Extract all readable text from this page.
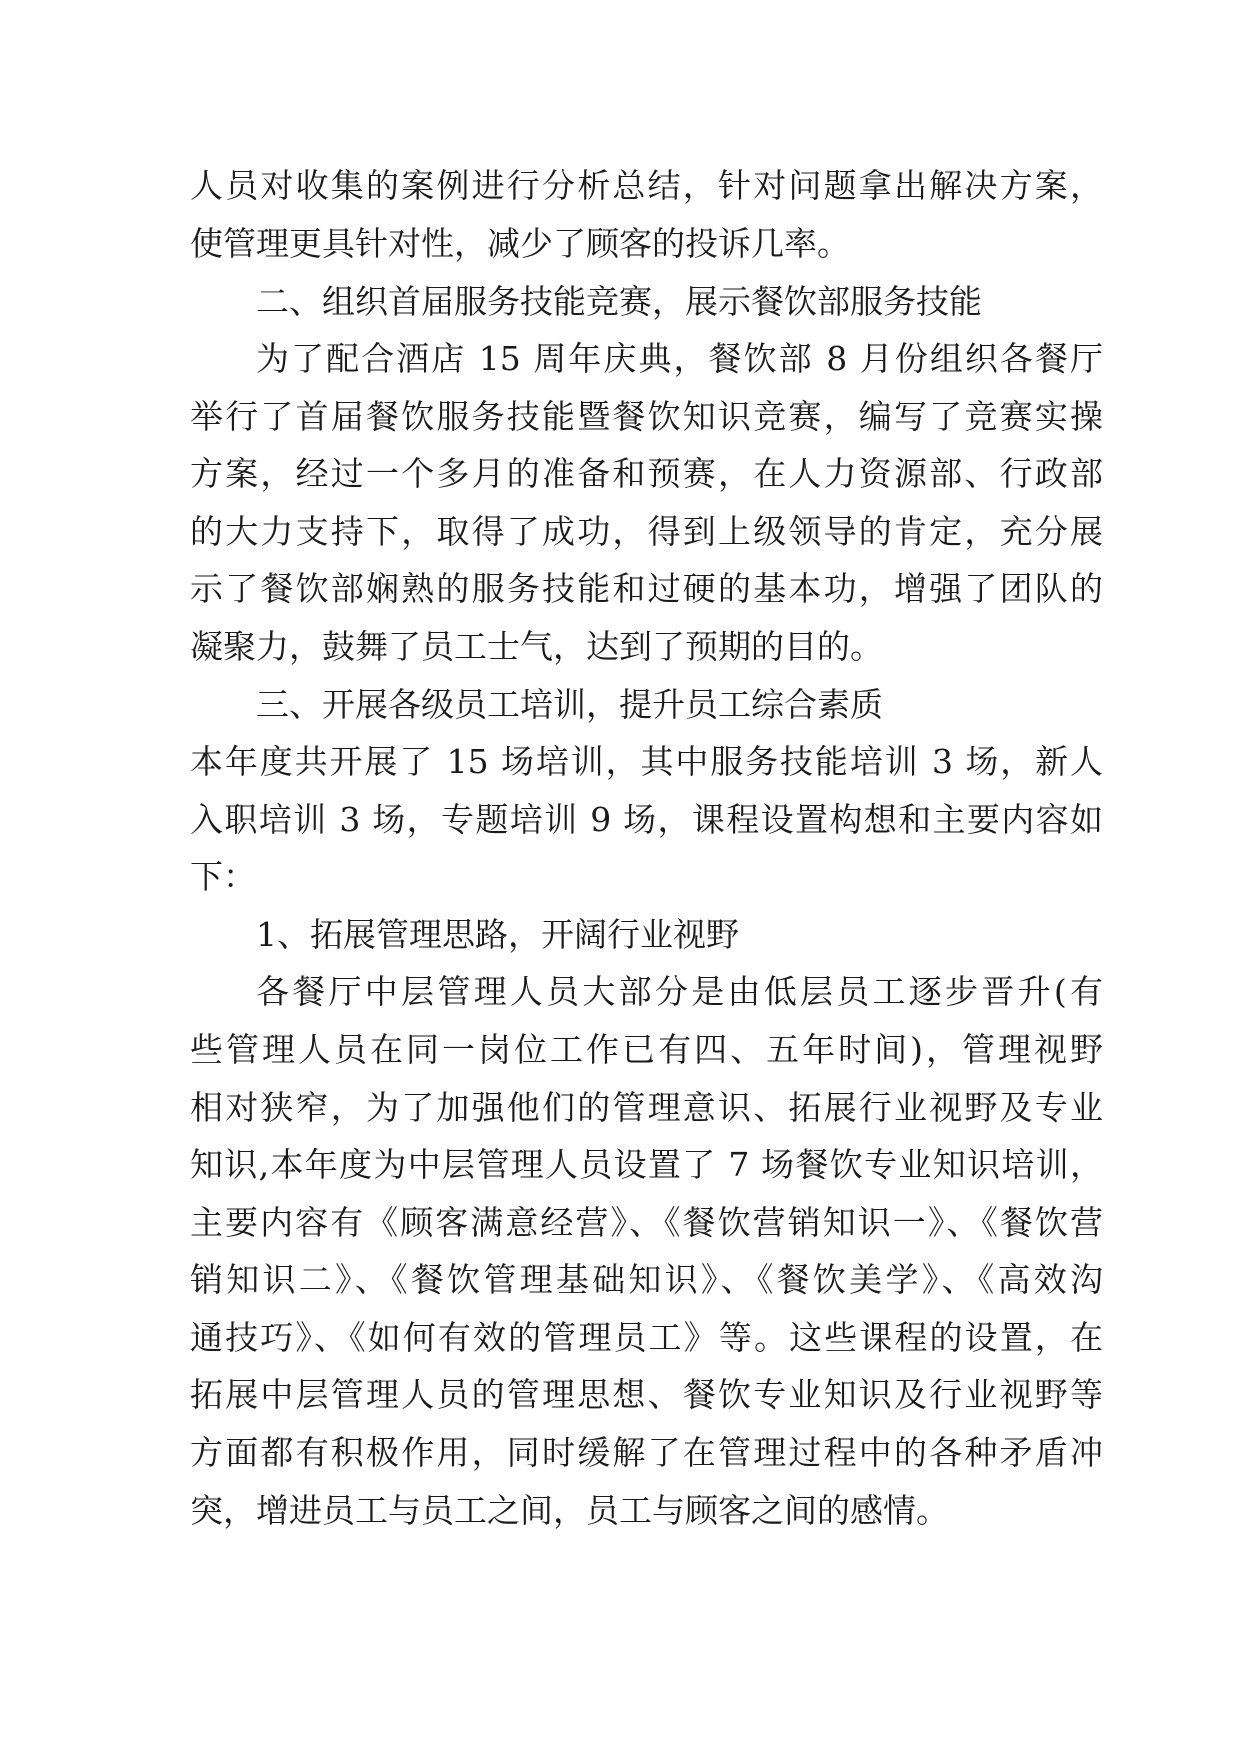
人员对收集的案例进行分析总结，针对问题拿出解决方案，
使管理更具针对性，减少了顾客的投诉几率。
二、组织首届服务技能竞赛，展示餐饮部服务技能
为了配合酒店 15 周年庆典，餐饮部 8 月份组织各餐厅
举行了首届餐饮服务技能暨餐饮知识竞赛，编写了竞赛实操
方案，经过一个多月的准备和预赛，在人力资源部、行政部
的大力支持下，取得了成功，得到上级领导的肯定，充分展
示了餐饮部娴熟的服务技能和过硬的基本功，增强了团队的
凝聚力，鼓舞了员工士气，达到了预期的目的。
三、开展各级员工培训，提升员工综合素质
本年度共开展了 15 场培训，其中服务技能培训 3 场，新人
入职培训 3 场，专题培训 9 场，课程设置构想和主要内容如
下：
1、拓展管理思路，开阔行业视野
各餐厅中层管理人员大部分是由低层员工逐步晋升(有
些管理人员在同一岗位工作已有四、五年时间)，管理视野
相对狭窄，为了加强他们的管理意识、拓展行业视野及专业
知识,本年度为中层管理人员设置了 7 场餐饮专业知识培训，
主要内容有《顾客满意经营》、《餐饮营销知识一》、《餐饮营
销知识二》、《餐饮管理基础知识》、《餐饮美学》、《高效沟
通技巧》、《如何有效的管理员工》等。这些课程的设置，在
拓展中层管理人员的管理思想、餐饮专业知识及行业视野等
方面都有积极作用，同时缓解了在管理过程中的各种矛盾冲
突，增进员工与员工之间，员工与顾客之间的感情。
